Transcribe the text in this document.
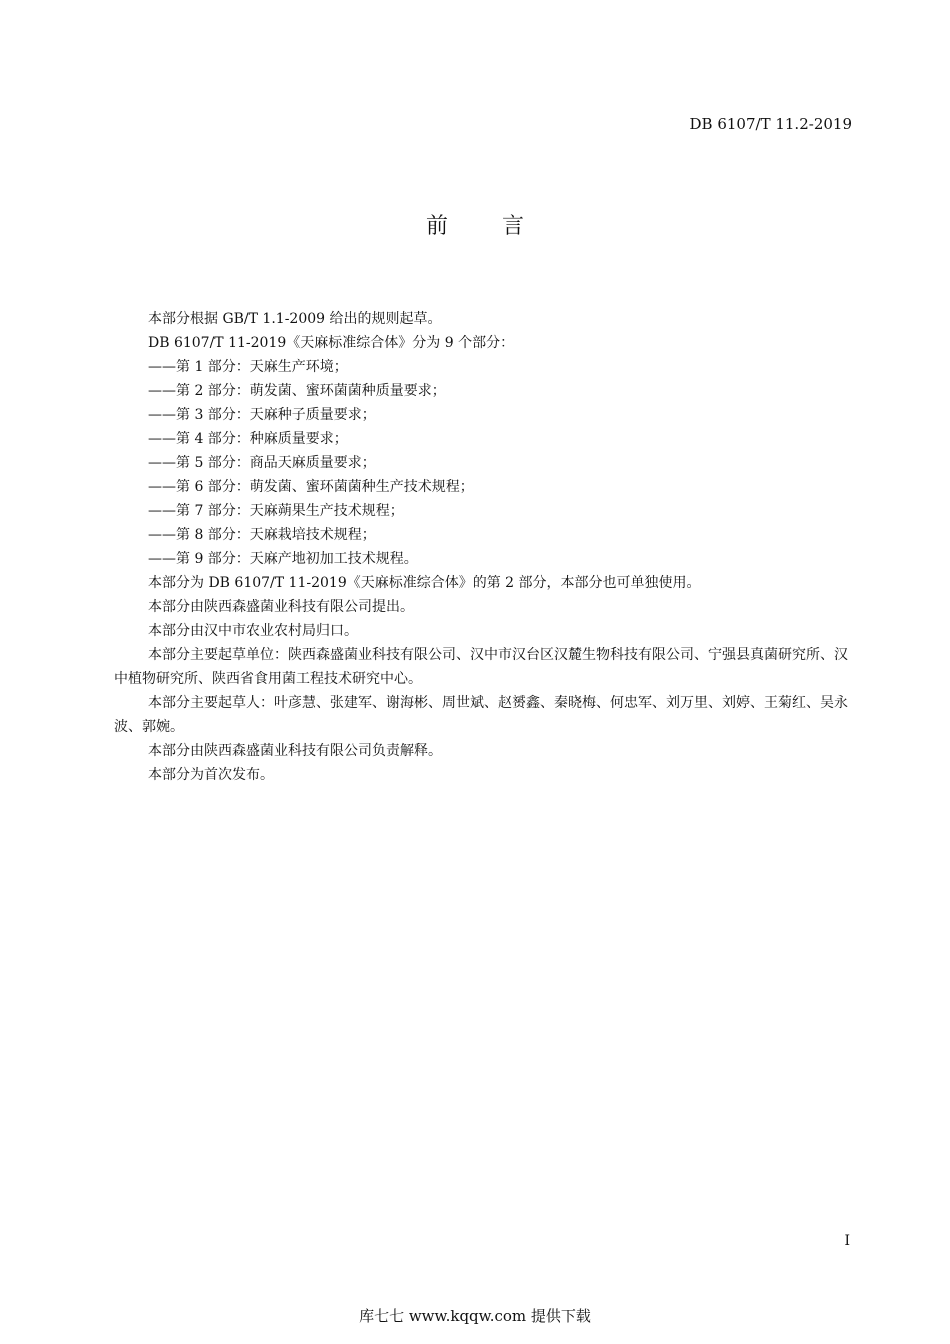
DB 6107/T 11.2-2019
前言

本部分根据 GB/T 1.1-2009 给出的规则起草。

DB 6107/T 11-2019《天麻标准综合体》分为 9 个部分：

——第 1 部分：天麻生产环境；

——第 2 部分：萌发菌、蜜环菌菌种质量要求；

——第 3 部分：天麻种子质量要求；

——第 4 部分：种麻质量要求；

——第 5 部分：商品天麻质量要求；

——第 6 部分：萌发菌、蜜环菌菌种生产技术规程；

——第 7 部分：天麻蒴果生产技术规程；

——第 8 部分：天麻栽培技术规程；

——第 9 部分：天麻产地初加工技术规程。

本部分为 DB 6107/T 11-2019《天麻标准综合体》的第 2 部分，本部分也可单独使用。

本部分由陕西森盛菌业科技有限公司提出。

本部分由汉中市农业农村局归口。

本部分主要起草单位：陕西森盛菌业科技有限公司、汉中市汉台区汉麓生物科技有限公司、宁强县真菌研究所、汉中植物研究所、陕西省食用菌工程技术研究中心。

本部分主要起草人：叶彦慧、张建军、谢海彬、周世斌、赵赟鑫、秦晓梅、何忠军、刘万里、刘婷、王菊红、吴永波、郭婉。

本部分由陕西森盛菌业科技有限公司负责解释。

本部分为首次发布。

I
库七七 www.kqqw.com 提供下载
